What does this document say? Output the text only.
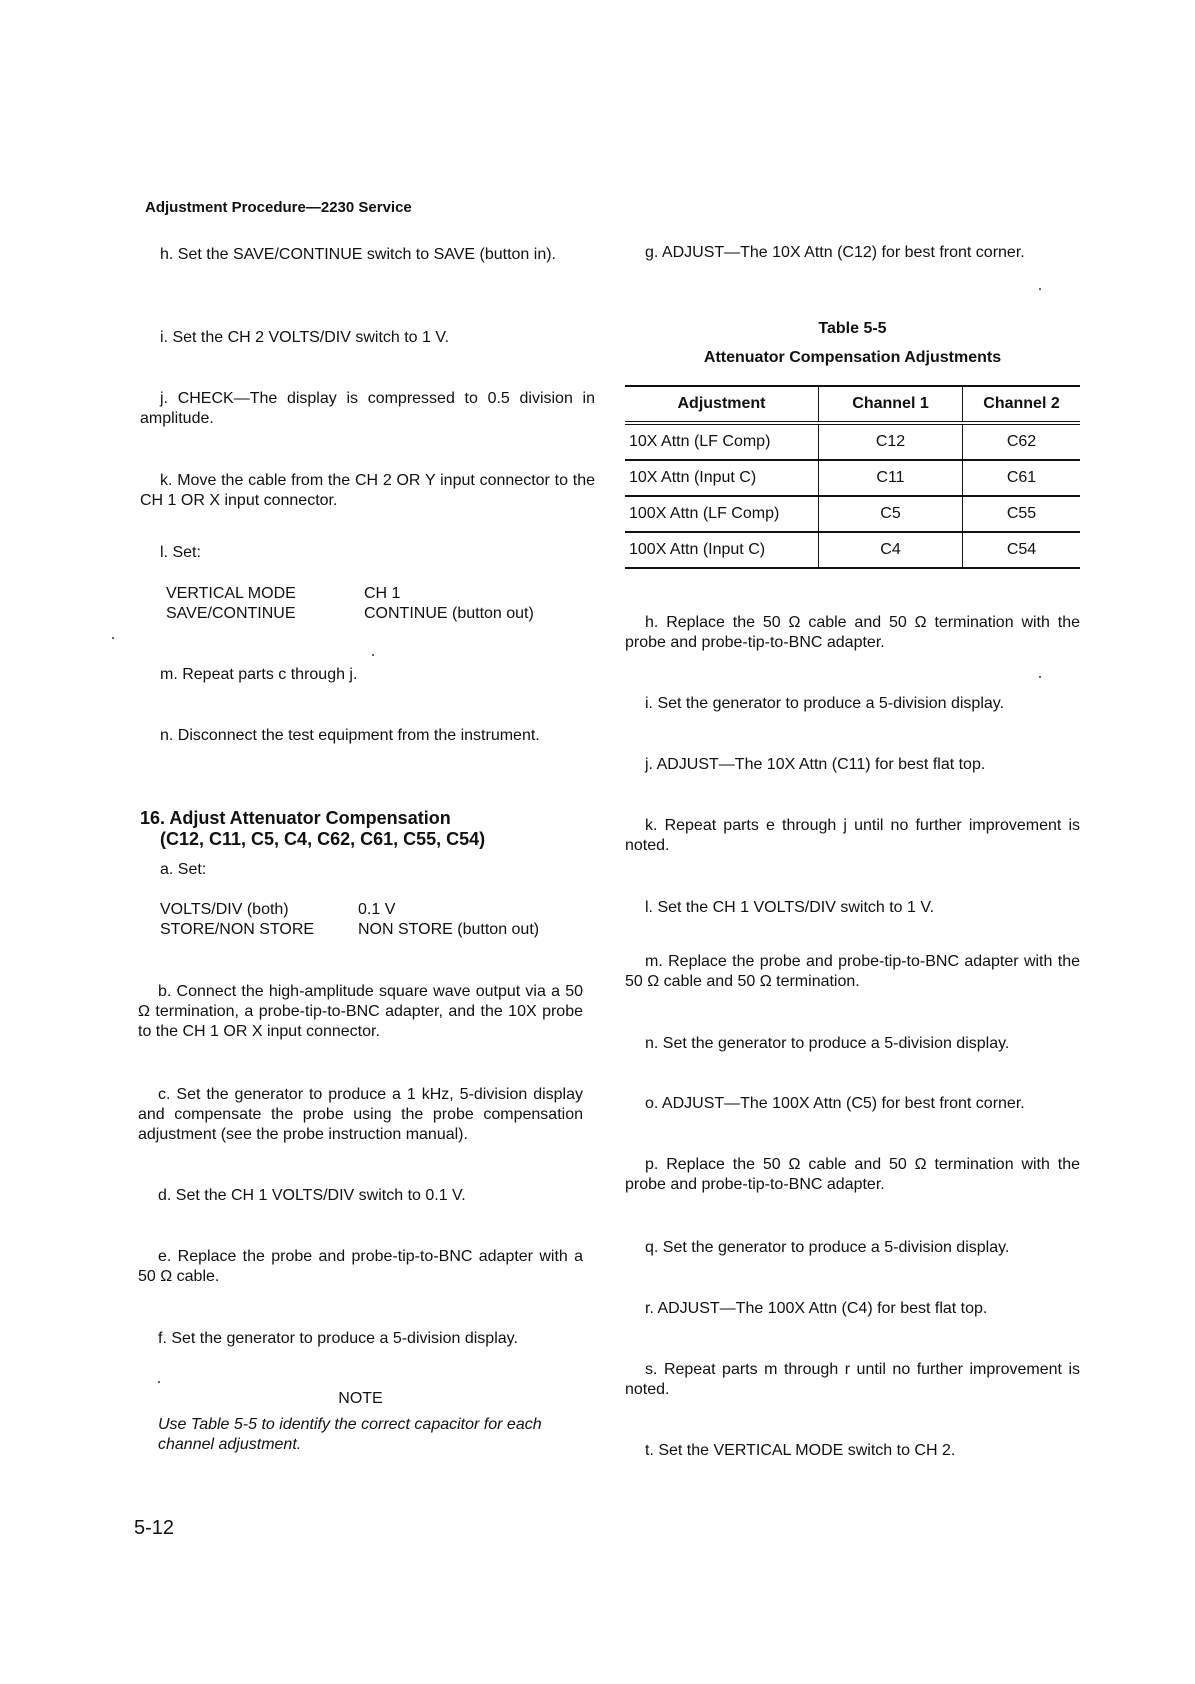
Adjustment Procedure—2230 Service
h. Set the SAVE/CONTINUE switch to SAVE (button in).
i. Set the CH 2 VOLTS/DIV switch to 1 V.
j. CHECK—The display is compressed to 0.5 division in amplitude.
k. Move the cable from the CH 2 OR Y input connector to the CH 1 OR X input connector.
l. Set:
VERTICAL MODE	CH 1
SAVE/CONTINUE	CONTINUE (button out)
m. Repeat parts c through j.
n. Disconnect the test equipment from the instrument.
16. Adjust Attenuator Compensation
(C12, C11, C5, C4, C62, C61, C55, C54)
a. Set:
VOLTS/DIV (both)	0.1 V
STORE/NON STORE	NON STORE (button out)
b. Connect the high-amplitude square wave output via a 50 Ω termination, a probe-tip-to-BNC adapter, and the 10X probe to the CH 1 OR X input connector.
c. Set the generator to produce a 1 kHz, 5-division display and compensate the probe using the probe compensation adjustment (see the probe instruction manual).
d. Set the CH 1 VOLTS/DIV switch to 0.1 V.
e. Replace the probe and probe-tip-to-BNC adapter with a 50 Ω cable.
f. Set the generator to produce a 5-division display.
NOTE
Use Table 5-5 to identify the correct capacitor for each channel adjustment.
5-12
g. ADJUST—The 10X Attn (C12) for best front corner.
Table 5-5
Attenuator Compensation Adjustments
Adjustment	Channel 1	Channel 2
10X Attn (LF Comp)	C12	C62
10X Attn (Input C)	C11	C61
100X Attn (LF Comp)	C5	C55
100X Attn (Input C)	C4	C54
h. Replace the 50 Ω cable and 50 Ω termination with the probe and probe-tip-to-BNC adapter.
i. Set the generator to produce a 5-division display.
j. ADJUST—The 10X Attn (C11) for best flat top.
k. Repeat parts e through j until no further improvement is noted.
l. Set the CH 1 VOLTS/DIV switch to 1 V.
m. Replace the probe and probe-tip-to-BNC adapter with the 50 Ω cable and 50 Ω termination.
n. Set the generator to produce a 5-division display.
o. ADJUST—The 100X Attn (C5) for best front corner.
p. Replace the 50 Ω cable and 50 Ω termination with the probe and probe-tip-to-BNC adapter.
q. Set the generator to produce a 5-division display.
r. ADJUST—The 100X Attn (C4) for best flat top.
s. Repeat parts m through r until no further improvement is noted.
t. Set the VERTICAL MODE switch to CH 2.
